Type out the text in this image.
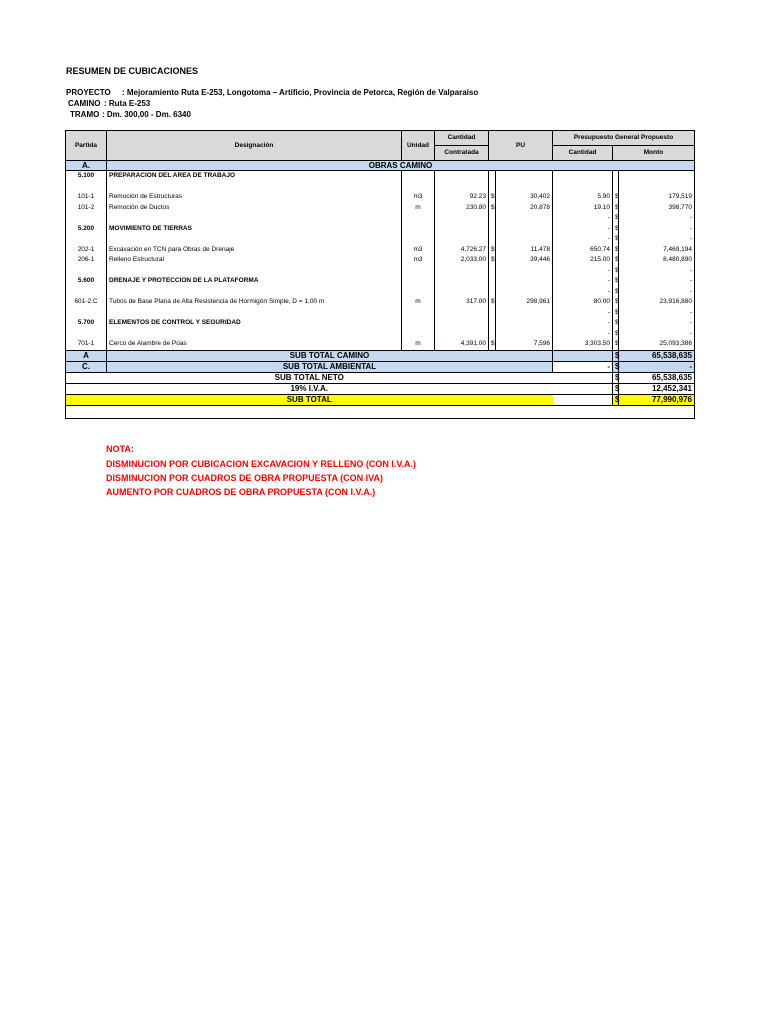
RESUMEN DE CUBICACIONES
PROYECTO : Mejoramiento Ruta E-253, Longotoma – Artificio, Provincia de Petorca, Región de Valparaíso
CAMINO : Ruta E-253
TRAMO : Dm. 300,00 - Dm. 6340
Partida	Designación	Unidad	Cantidad	PU		Presupuesto General Propuesto		
			Contratada			Cantidad	Monto	
A.	OBRAS CAMINO							
5.100	PREPARACION DEL AREA DE TRABAJO							

101-1	Remoción de Estructuras	m3	92.23	$	30,402	5.90	$	179,519
101-2	Remoción de Ductos	m	230.80	$	20,878	19.10	$	398,770
						-	$	-
5.200	MOVIMIENTO DE TIERRAS					-	$	-
						-	$	-
202-1	Excavación en TCN para Obras de Drenaje	m3	4,726.27	$	11,478	650.74	$	7,469,194
206-1	Relleno Estructural	m3	2,033.00	$	39,446	215.00	$	8,480,890
						-	$	-
5.600	DRENAJE Y PROTECCION DE LA PLATAFORMA					-	$	-
						-	$	-
601-2.C	Tubos de Base Plana de Alta Resistencia de Hormigón Simple, D = 1,00 m	m	317.00	$	298,961	80.00	$	23,916,880
						-	$	-
5.700	ELEMENTOS DE CONTROL Y SEGURIDAD					-	$	-
						-	$	-
701-1	Cerco de Alambre de Púas	m	4,391.00	$	7,596	3,303.50	$	25,093,386
A	SUB TOTAL CAMINO						$	65,538,635
C.	SUB TOTAL AMBIENTAL					-	$	-
SUB TOTAL NETO							$	65,538,635
19% I.V.A.							$	12,452,341
SUB TOTAL							$	77,990,976

NOTA:
DISMINUCION POR CUBICACION EXCAVACION Y RELLENO (CON I.V.A.)
DISMINUCION POR CUADROS DE OBRA PROPUESTA (CON IVA)
AUMENTO POR CUADROS DE OBRA PROPUESTA (CON I.V.A.)
